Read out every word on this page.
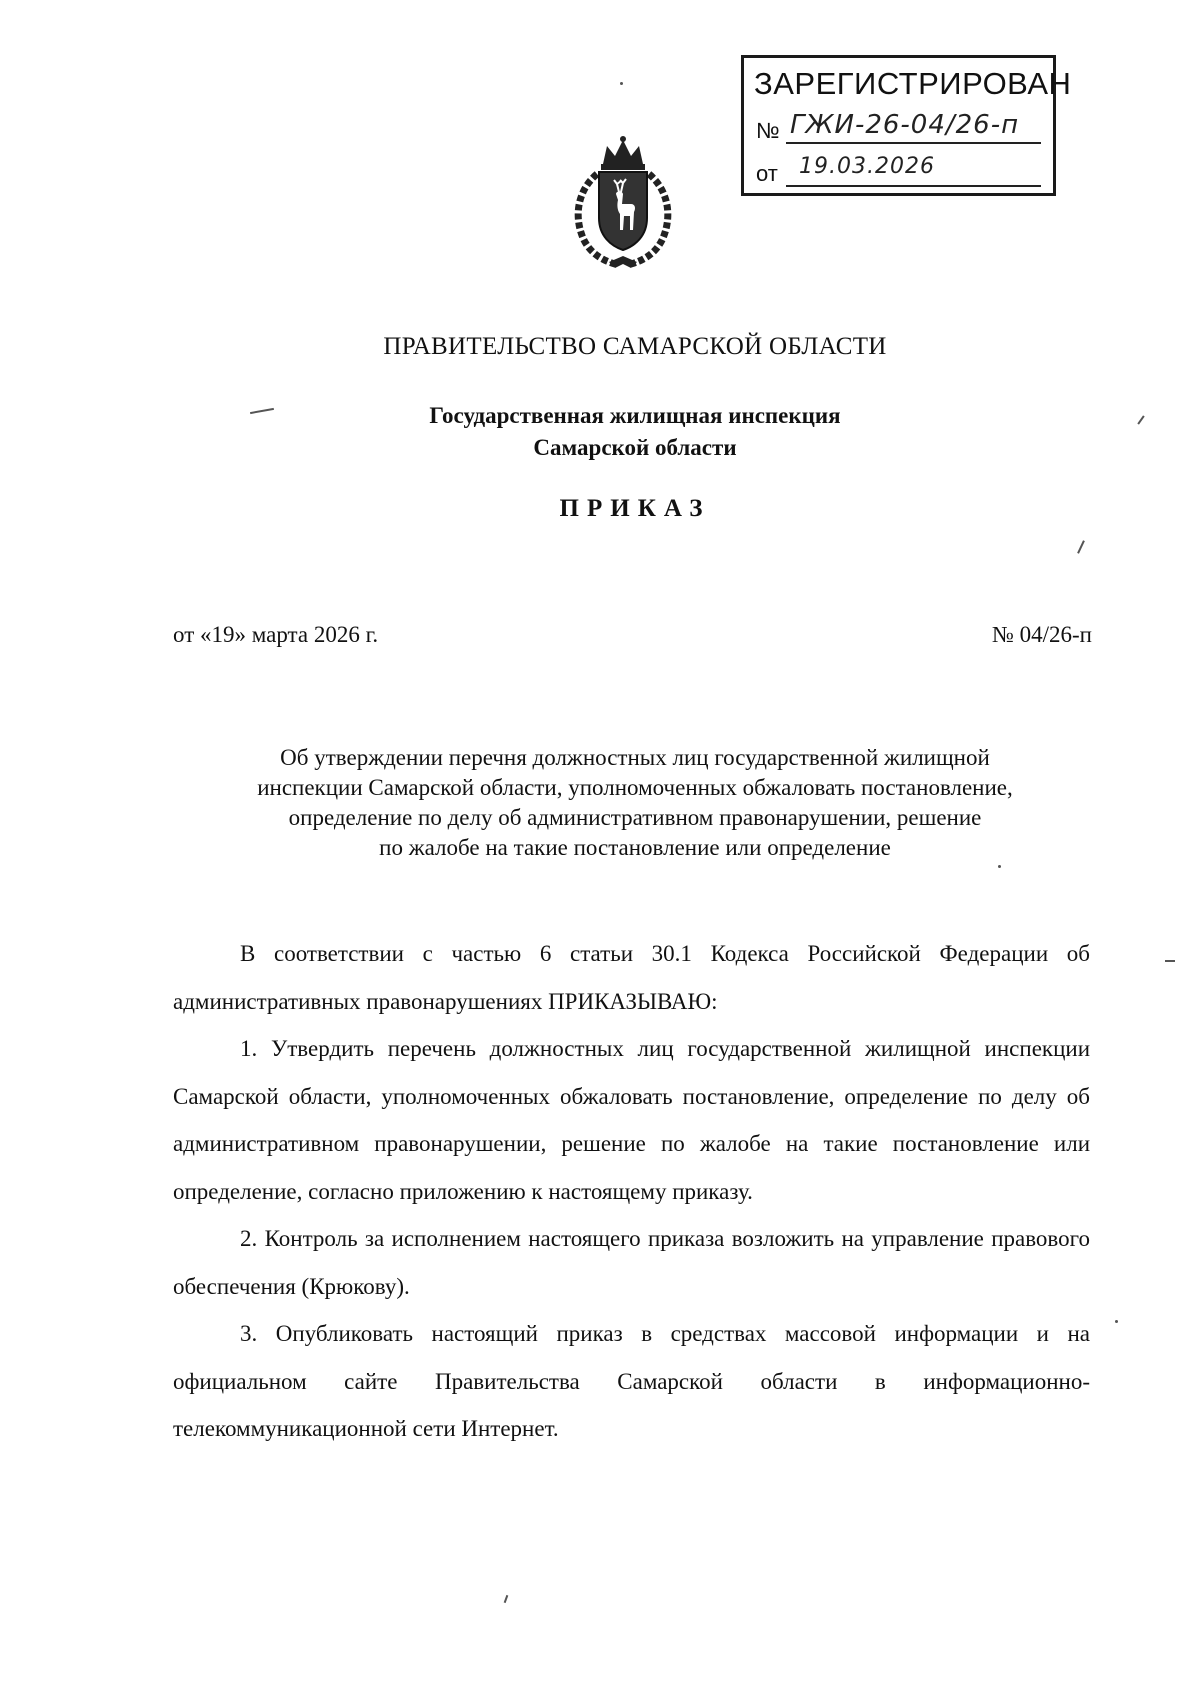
ЗАРЕГИСТРИРОВАН
№ ГЖИ-26-04/26-п
от 19.03.2026
ПРАВИТЕЛЬСТВО САМАРСКОЙ ОБЛАСТИ
Государственная жилищная инспекция
Самарской области
ПРИКАЗ
от «19» марта 2026 г.	№ 04/26-п
Об утверждении перечня должностных лиц государственной жилищной
инспекции Самарской области, уполномоченных обжаловать постановление,
определение по делу об административном правонарушении, решение
по жалобе на такие постановление или определение

В соответствии с частью 6 статьи 30.1 Кодекса Российской Федерации об административных правонарушениях ПРИКАЗЫВАЮ:

1. Утвердить перечень должностных лиц государственной жилищной инспекции Самарской области, уполномоченных обжаловать постановление, определение по делу об административном правонарушении, решение по жалобе на такие постановление или определение, согласно приложению к настоящему приказу.

2. Контроль за исполнением настоящего приказа возложить на управление правового обеспечения (Крюкову).

3. Опубликовать настоящий приказ в средствах массовой информации и на официальном сайте Правительства Самарской области в информационно-телекоммуникационной сети Интернет.
